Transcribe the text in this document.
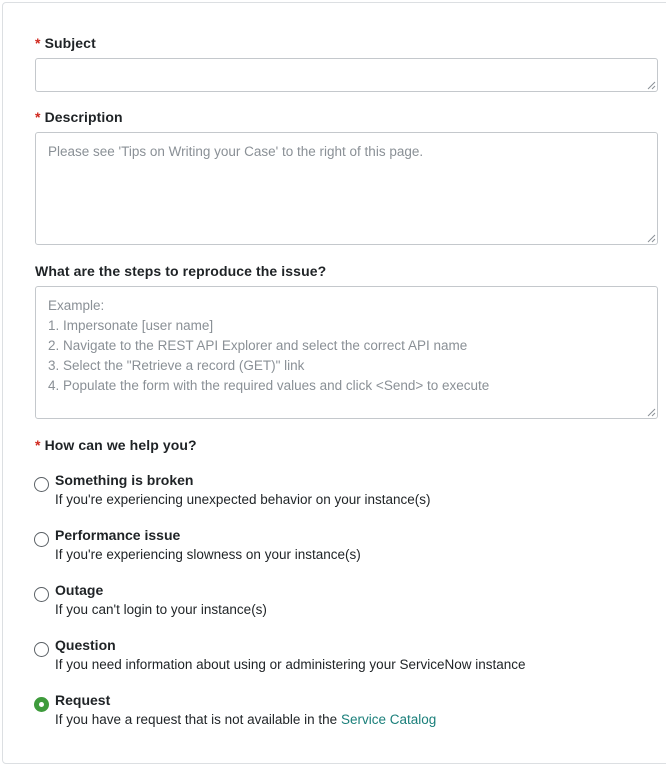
* Subject
* Description
Please see 'Tips on Writing your Case' to the right of this page.
What are the steps to reproduce the issue?
Example:
1. Impersonate [user name]
2. Navigate to the REST API Explorer and select the correct API name
3. Select the "Retrieve a record (GET)" link
4. Populate the form with the required values and click <Send> to execute
* How can we help you?
Something is broken
If you're experiencing unexpected behavior on your instance(s)
Performance issue
If you're experiencing slowness on your instance(s)
Outage
If you can't login to your instance(s)
Question
If you need information about using or administering your ServiceNow instance
Request
If you have a request that is not available in the Service Catalog
